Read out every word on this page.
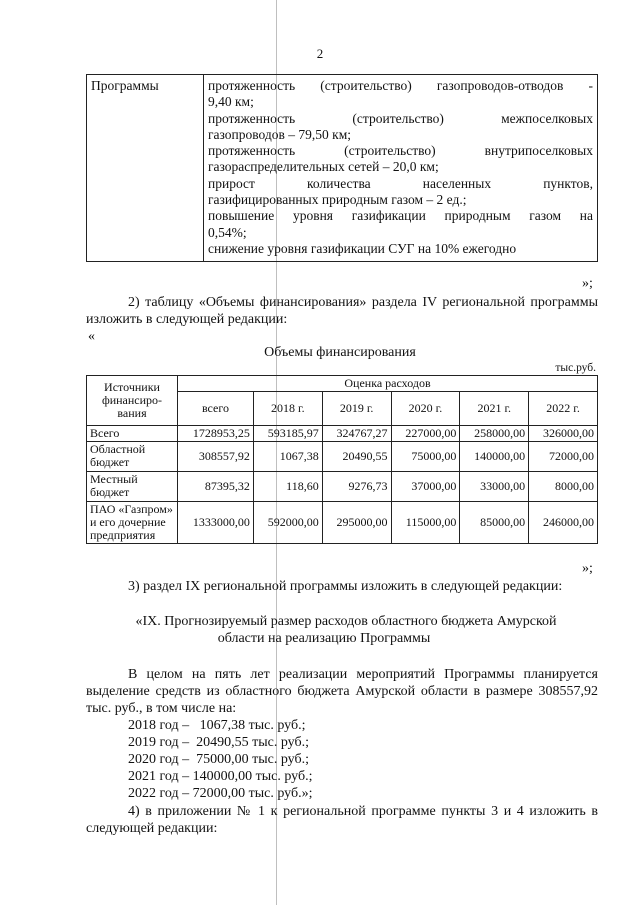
2
Программы	протяженность (строительство) газопроводов-отводов -
9,40 км;
протяженность (строительство) межпоселковых
газопроводов – 79,50 км;
протяженность (строительство) внутрипоселковых
газораспределительных сетей – 20,0 км;
прирост количества населенных пунктов,
газифицированных природным газом – 2 ед.;
повышение уровня газификации природным газом на
0,54%;
снижение уровня газификации СУГ на 10% ежегодно
»;
2) таблицу «Объемы финансирования» раздела IV региональной программы изложить в следующей редакции:
«
Объемы финансирования
тыс.руб.
Источники финансиро-вания	Оценка расходов					
	всего	2018 г.	2019 г.	2020 г.	2021 г.	2022 г.
Всего	1728953,25	593185,97	324767,27	227000,00	258000,00	326000,00
Областной бюджет	308557,92	1067,38	20490,55	75000,00	140000,00	72000,00
Местный бюджет	87395,32	118,60	9276,73	37000,00	33000,00	8000,00
ПАО «Газпром» и его дочерние предприятия	1333000,00	592000,00	295000,00	115000,00	85000,00	246000,00
»;
3) раздел IX региональной программы изложить в следующей редакции:
«IX. Прогнозируемый размер расходов областного бюджета Амурской
области на реализацию Программы
В целом на пять лет реализации мероприятий Программы планируется выделение средств из областного бюджета Амурской области в размере 308557,92 тыс. руб., в том числе на:
2018 год –   1067,38 тыс. руб.;
2019 год –  20490,55 тыс. руб.;
2020 год –  75000,00 тыс. руб.;
2021 год – 140000,00 тыс. руб.;
2022 год – 72000,00 тыс. руб.»;
4) в приложении № 1 к региональной программе пункты 3 и 4 изложить в следующей редакции:
